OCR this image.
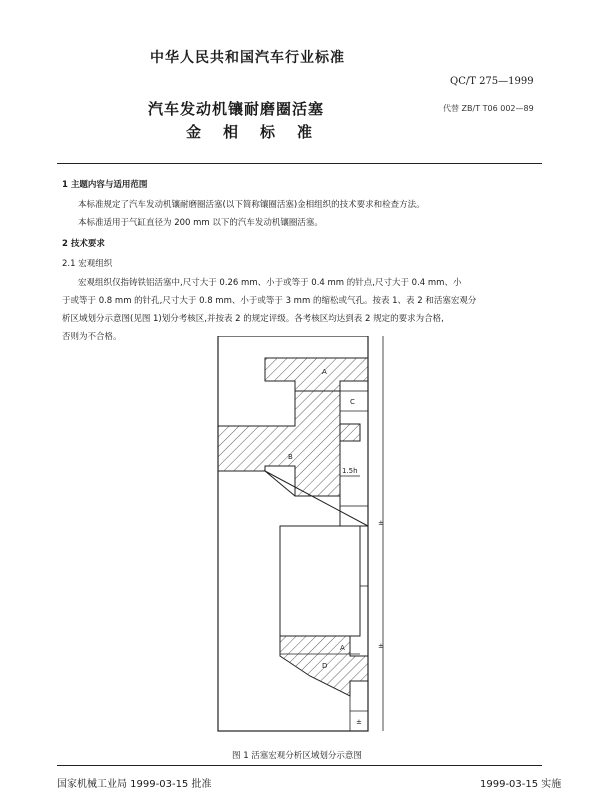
中华人民共和国汽车行业标准
QC/T 275—1999
代替 ZB/T T06 002—89
汽车发动机镶耐磨圈活塞
金 相 标 准
1 主题内容与适用范围
本标准规定了汽车发动机镶耐磨圈活塞(以下简称镶圈活塞)金相组织的技术要求和检查方法。
本标准适用于气缸直径为 200 mm 以下的汽车发动机镶圈活塞。
2 技术要求
2.1 宏观组织
宏观组织仅指铸铁铝活塞中,尺寸大于 0.26 mm、小于或等于 0.4 mm 的针点,尺寸大于 0.4 mm、小
于或等于 0.8 mm 的针孔,尺寸大于 0.8 mm、小于或等于 3 mm 的缩松或气孔。按表 1、表 2 和活塞宏观分
析区域划分示意图(见图 1)划分考核区,并按表 2 的规定评级。各考核区均达到表 2 规定的要求为合格,
否则为不合格。
A
C
B
1.5h
±
±
A
D
±
图 1 活塞宏观分析区域划分示意图
国家机械工业局 1999-03-15 批准	1999-03-15 实施
